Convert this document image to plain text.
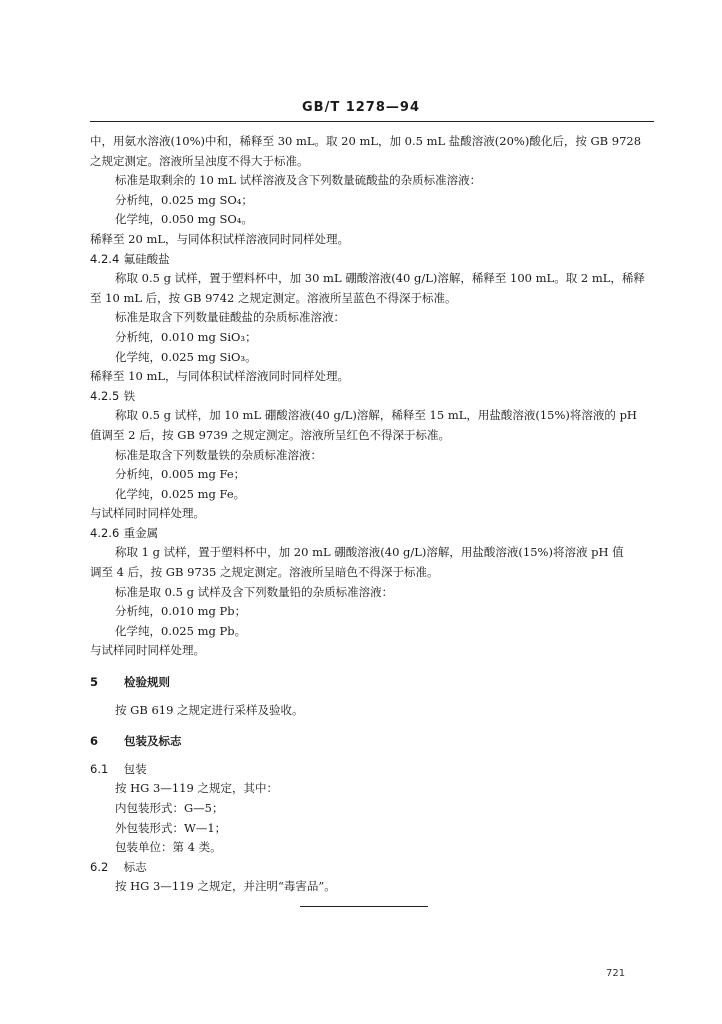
GB/T 1278—94
中，用氨水溶液(10%)中和，稀释至 30 mL。取 20 mL，加 0.5 mL 盐酸溶液(20%)酸化后，按 GB 9728
之规定测定。溶液所呈浊度不得大于标准。
标准是取剩余的 10 mL 试样溶液及含下列数量硫酸盐的杂质标准溶液：
分析纯，0.025 mg SO₄；
化学纯，0.050 mg SO₄。
稀释至 20 mL，与同体积试样溶液同时同样处理。
4.2.4 氟硅酸盐
称取 0.5 g 试样，置于塑料杯中，加 30 mL 硼酸溶液(40 g/L)溶解，稀释至 100 mL。取 2 mL，稀释
至 10 mL 后，按 GB 9742 之规定测定。溶液所呈蓝色不得深于标准。
标准是取含下列数量硅酸盐的杂质标准溶液：
分析纯，0.010 mg SiO₃；
化学纯，0.025 mg SiO₃。
稀释至 10 mL，与同体积试样溶液同时同样处理。
4.2.5 铁
称取 0.5 g 试样，加 10 mL 硼酸溶液(40 g/L)溶解，稀释至 15 mL，用盐酸溶液(15%)将溶液的 pH
值调至 2 后，按 GB 9739 之规定测定。溶液所呈红色不得深于标准。
标准是取含下列数量铁的杂质标准溶液：
分析纯，0.005 mg Fe；
化学纯，0.025 mg Fe。
与试样同时同样处理。
4.2.6 重金属
称取 1 g 试样，置于塑料杯中，加 20 mL 硼酸溶液(40 g/L)溶解，用盐酸溶液(15%)将溶液 pH 值
调至 4 后，按 GB 9735 之规定测定。溶液所呈暗色不得深于标准。
标准是取 0.5 g 试样及含下列数量铅的杂质标准溶液：
分析纯，0.010 mg Pb；
化学纯，0.025 mg Pb。
与试样同时同样处理。
5 检验规则
按 GB 619 之规定进行采样及验收。
6 包装及标志
6.1 包装
按 HG 3—119 之规定，其中：
内包装形式：G—5；
外包装形式：W—1；
包装单位：第 4 类。
6.2 标志
按 HG 3—119 之规定，并注明“毒害品”。
721
